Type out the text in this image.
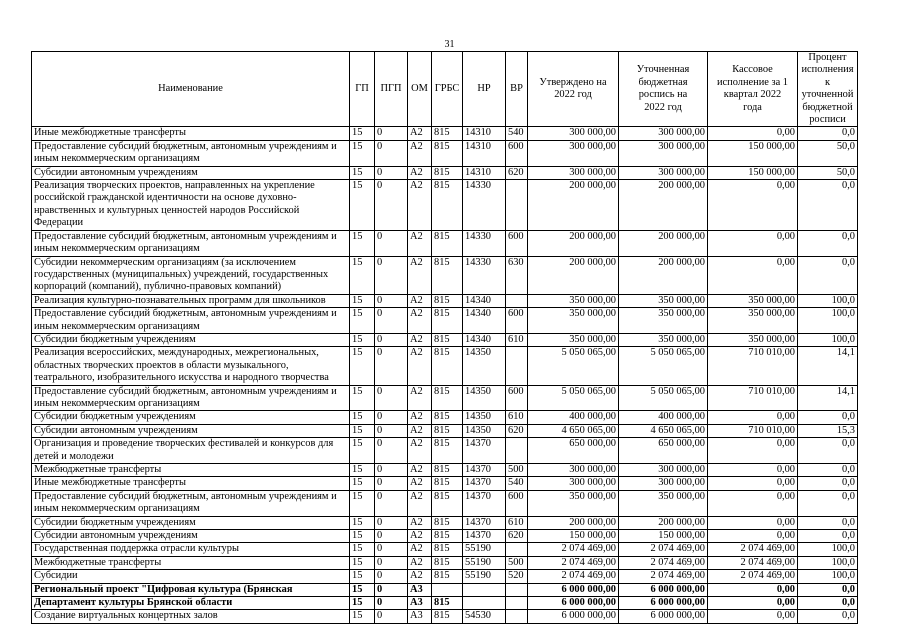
31
Наименование	ГП	ПГП	ОМ	ГРБС	НР	ВР	Утверждено на 2022 год	Уточненная бюджетная роспись на 2022 год	Кассовое исполнение за 1 квартал 2022 года	Процент исполнения к уточненной бюджетной росписи
Иные межбюджетные трансферты	15	0	А2	815	14310	540	300 000,00	300 000,00	0,00	0,0
Предоставление субсидий бюджетным, автономным учреждениям и иным некоммерческим организациям	15	0	А2	815	14310	600	300 000,00	300 000,00	150 000,00	50,0
Субсидии автономным учреждениям	15	0	А2	815	14310	620	300 000,00	300 000,00	150 000,00	50,0
Реализация творческих проектов, направленных на укрепление российской гражданской идентичности на основе духовно-нравственных и культурных ценностей народов Российской Федерации	15	0	А2	815	14330		200 000,00	200 000,00	0,00	0,0
Предоставление субсидий бюджетным, автономным учреждениям и иным некоммерческим организациям	15	0	А2	815	14330	600	200 000,00	200 000,00	0,00	0,0
Субсидии некоммерческим организациям (за исключением государственных (муниципальных) учреждений, государственных корпораций (компаний), публично-правовых компаний)	15	0	А2	815	14330	630	200 000,00	200 000,00	0,00	0,0
Реализация культурно-познавательных программ для школьников	15	0	А2	815	14340		350 000,00	350 000,00	350 000,00	100,0
Предоставление субсидий бюджетным, автономным учреждениям и иным некоммерческим организациям	15	0	А2	815	14340	600	350 000,00	350 000,00	350 000,00	100,0
Субсидии бюджетным учреждениям	15	0	А2	815	14340	610	350 000,00	350 000,00	350 000,00	100,0
Реализация всероссийских, международных, межрегиональных, областных творческих проектов в области музыкального, театрального, изобразительного искусства и народного творчества	15	0	А2	815	14350		5 050 065,00	5 050 065,00	710 010,00	14,1
Предоставление субсидий бюджетным, автономным учреждениям и иным некоммерческим организациям	15	0	А2	815	14350	600	5 050 065,00	5 050 065,00	710 010,00	14,1
Субсидии бюджетным учреждениям	15	0	А2	815	14350	610	400 000,00	400 000,00	0,00	0,0
Субсидии автономным учреждениям	15	0	А2	815	14350	620	4 650 065,00	4 650 065,00	710 010,00	15,3
Организация и проведение творческих фестивалей и конкурсов для детей и молодежи	15	0	А2	815	14370		650 000,00	650 000,00	0,00	0,0
Межбюджетные трансферты	15	0	А2	815	14370	500	300 000,00	300 000,00	0,00	0,0
Иные межбюджетные трансферты	15	0	А2	815	14370	540	300 000,00	300 000,00	0,00	0,0
Предоставление субсидий бюджетным, автономным учреждениям и иным некоммерческим организациям	15	0	А2	815	14370	600	350 000,00	350 000,00	0,00	0,0
Субсидии бюджетным учреждениям	15	0	А2	815	14370	610	200 000,00	200 000,00	0,00	0,0
Субсидии автономным учреждениям	15	0	А2	815	14370	620	150 000,00	150 000,00	0,00	0,0
Государственная поддержка отрасли культуры	15	0	А2	815	55190		2 074 469,00	2 074 469,00	2 074 469,00	100,0
Межбюджетные трансферты	15	0	А2	815	55190	500	2 074 469,00	2 074 469,00	2 074 469,00	100,0
Субсидии	15	0	А2	815	55190	520	2 074 469,00	2 074 469,00	2 074 469,00	100,0
Региональный проект "Цифровая культура (Брянская	15	0	А3				6 000 000,00	6 000 000,00	0,00	0,0
Департамент культуры Брянской области	15	0	А3	815			6 000 000,00	6 000 000,00	0,00	0,0
Создание виртуальных концертных залов	15	0	А3	815	54530		6 000 000,00	6 000 000,00	0,00	0,0
